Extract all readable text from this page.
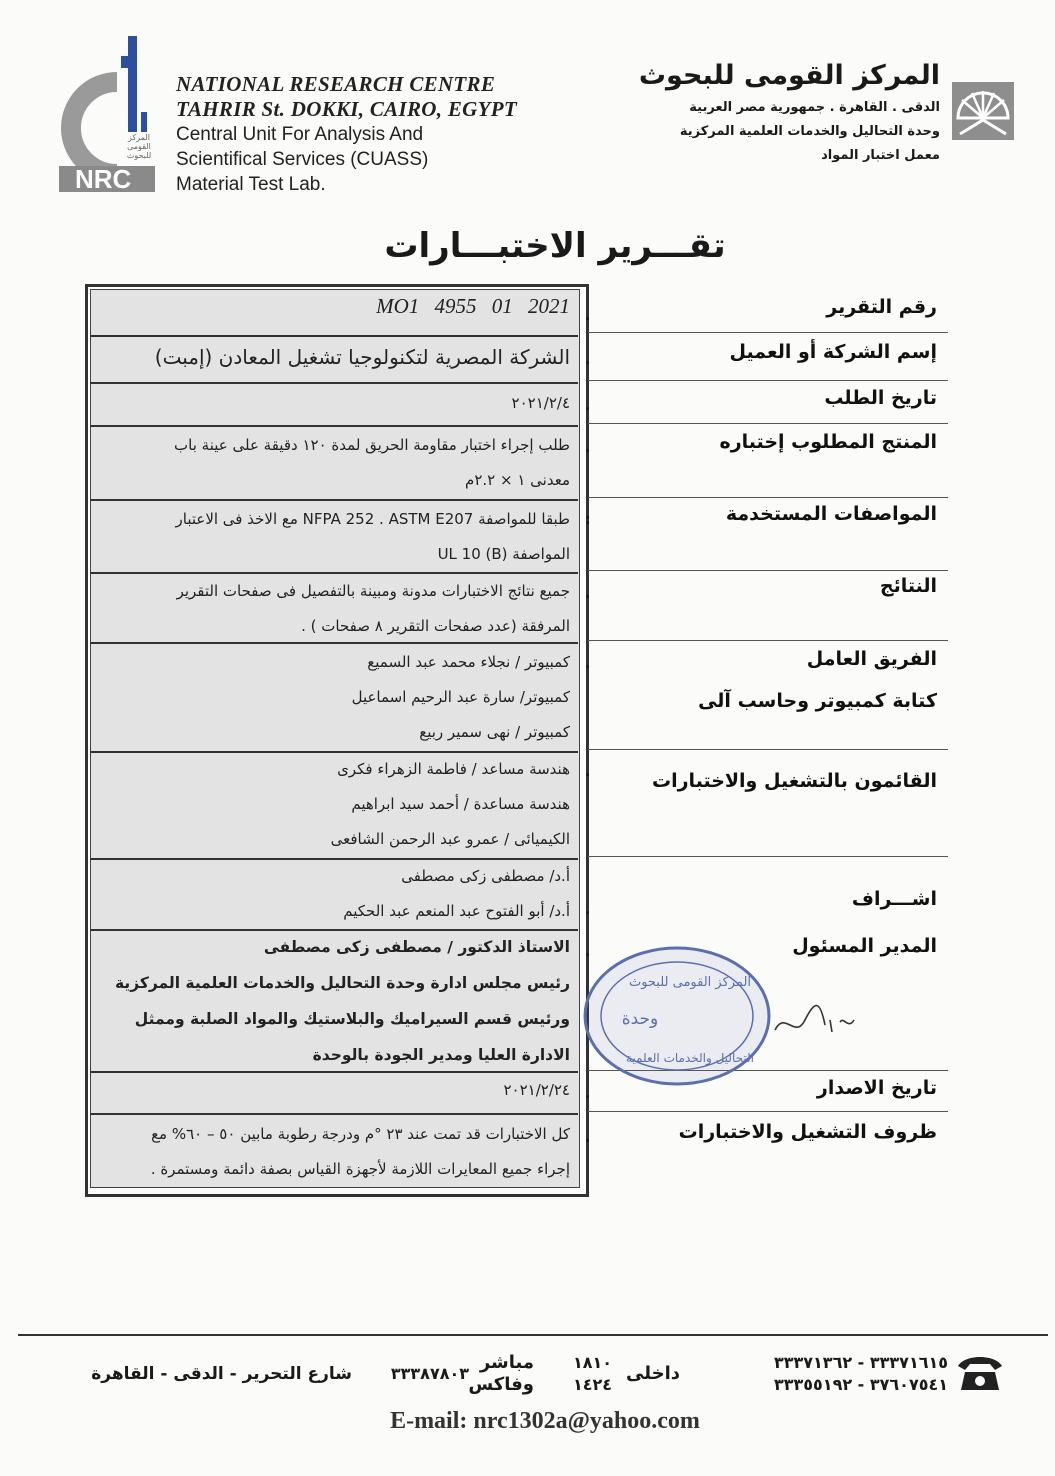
المركز
القومى
للبحوث
NRC
NATIONAL RESEARCH CENTRE
TAHRIR St. DOKKI, CAIRO, EGYPT
Central Unit For Analysis And
Scientifical Services (CUASS)
Material Test Lab.
المركز القومى للبحوث
الدقى . القاهرة . جمهورية مصر العربية
وحدة التحاليل والخدمات العلمية المركزية
معمل اختبار المواد
تقـــرير الاختبـــارات
.
.
.
.
:
.
.
.
.
.
.
.
رقم التقرير
إسم الشركة أو العميل
تاريخ الطلب
المنتج المطلوب إختباره
المواصفات المستخدمة
النتائج
الفريق العامل
كتابة كمبيوتر وحاسب آلى
القائمون بالتشغيل والاختبارات
اشـــراف
المدير المسئول
تاريخ الاصدار
ظروف التشغيل والاختبارات
MO1 4955 01 2021
الشركة المصرية لتكنولوجيا تشغيل المعادن (إمبت)
٢٠٢١/٢/٤
طلب إجراء اختبار مقاومة الحريق لمدة ١٢٠ دقيقة على عينة باب
معدنى ١ × ٢.٢م
طبقا للمواصفة NFPA 252 . ASTM E207 مع الاخذ فى الاعتبار
المواصفة UL 10 (B)
جميع نتائج الاختبارات مدونة ومبينة بالتفصيل فى صفحات التقرير
المرفقة (عدد صفحات التقرير ٨ صفحات ) .
كمبيوتر / نجلاء محمد عبد السميع
كمبيوتر/ سارة عبد الرحيم اسماعيل
كمبيوتر / نهى سمير ربيع
هندسة مساعد / فاطمة الزهراء فكرى
هندسة مساعدة / أحمد سيد ابراهيم
الكيميائى / عمرو عبد الرحمن الشافعى
أ.د/ مصطفى زكى مصطفى
أ.د/ أبو الفتوح عبد المنعم عبد الحكيم
الاستاذ الدكتور / مصطفى زكى مصطفى
رئيس مجلس ادارة وحدة التحاليل والخدمات العلمية المركزية
ورئيس قسم السيراميك والبلاستيك والمواد الصلبة وممثل
الادارة العليا ومدير الجودة بالوحدة
٢٠٢١/٢/٢٤
كل الاختبارات قد تمت عند ٢٣ °م ودرجة رطوبة مابين ٥٠ – ٦٠% مع
إجراء جميع المعايرات اللازمة لأجهزة القياس بصفة دائمة ومستمرة .
المركز القومى للبحوث
وحدة
التحاليل والخدمات العلمية
٣٣٣٧١٦١٥ - ٣٣٣٧١٣٦٢
٣٧٦٠٧٥٤١ - ٣٣٣٥٥١٩٢
داخلى
١٨١٠
١٤٢٤
مباشر
وفاكس
٣٣٣٨٧٨٠٣
شارع التحرير - الدقى - القاهرة
E-mail: nrc1302a@yahoo.com
